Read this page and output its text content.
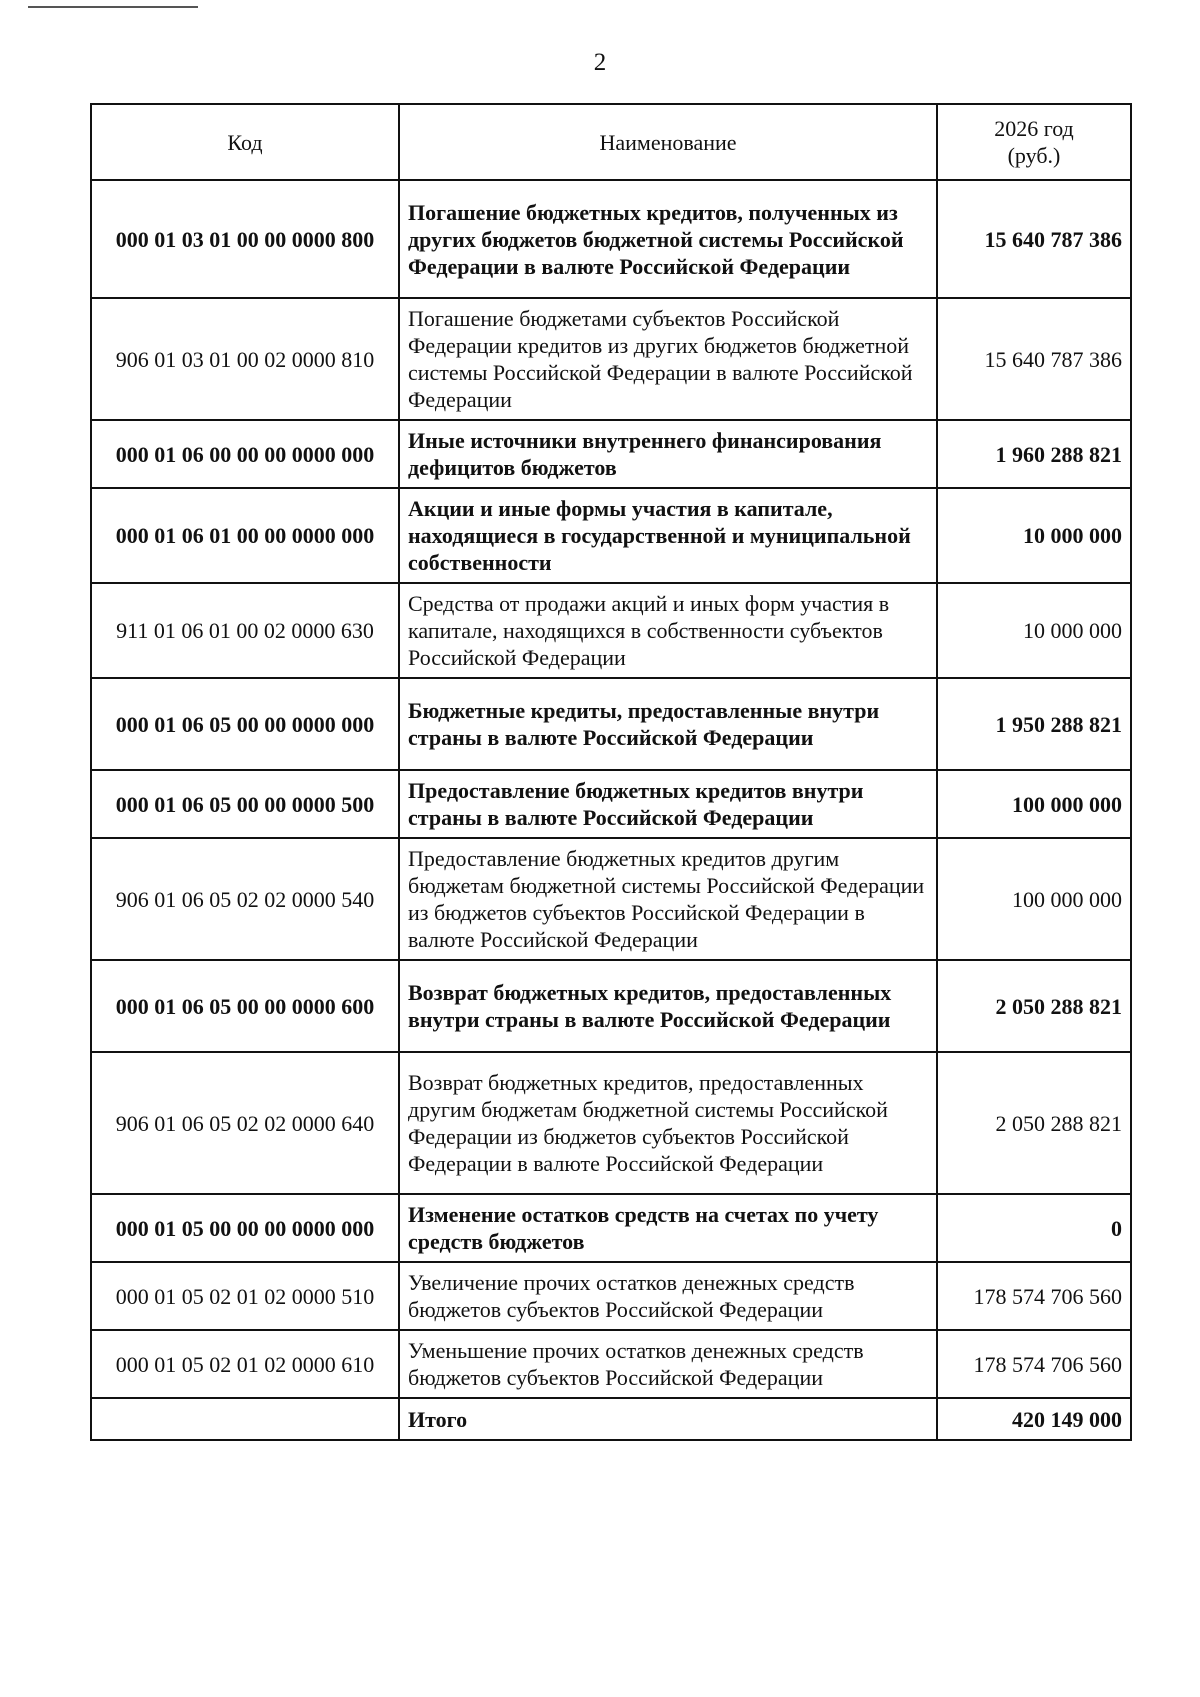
2
Код	Наименование	2026 год
(руб.)
000 01 03 01 00 00 0000 800	Погашение бюджетных кредитов, полученных из других бюджетов бюджетной системы Российской Федерации в валюте Российской Федерации	15 640 787 386
906 01 03 01 00 02 0000 810	Погашение бюджетами субъектов Российской Федерации кредитов из других бюджетов бюджетной системы Российской Федерации в валюте Российской Федерации	15 640 787 386
000 01 06 00 00 00 0000 000	Иные источники внутреннего финансирования дефицитов бюджетов	1 960 288 821
000 01 06 01 00 00 0000 000	Акции и иные формы участия в капитале, находящиеся в государственной и муниципальной собственности	10 000 000
911 01 06 01 00 02 0000 630	Средства от продажи акций и иных форм участия в капитале, находящихся в собственности субъектов Российской Федерации	10 000 000
000 01 06 05 00 00 0000 000	Бюджетные кредиты, предоставленные внутри страны в валюте Российской Федерации	1 950 288 821
000 01 06 05 00 00 0000 500	Предоставление бюджетных кредитов внутри страны в валюте Российской Федерации	100 000 000
906 01 06 05 02 02 0000 540	Предоставление бюджетных кредитов другим бюджетам бюджетной системы Российской Федерации из бюджетов субъектов Российской Федерации в валюте Российской Федерации	100 000 000
000 01 06 05 00 00 0000 600	Возврат бюджетных кредитов, предоставленных внутри страны в валюте Российской Федерации	2 050 288 821
906 01 06 05 02 02 0000 640	Возврат бюджетных кредитов, предоставленных другим бюджетам бюджетной системы Российской Федерации из бюджетов субъектов Российской Федерации в валюте Российской Федерации	2 050 288 821
000 01 05 00 00 00 0000 000	Изменение остатков средств на счетах по учету средств бюджетов	0
000 01 05 02 01 02 0000 510	Увеличение прочих остатков денежных средств бюджетов субъектов Российской Федерации	178 574 706 560
000 01 05 02 01 02 0000 610	Уменьшение прочих остатков денежных средств бюджетов субъектов Российской Федерации	178 574 706 560
	Итого	420 149 000
